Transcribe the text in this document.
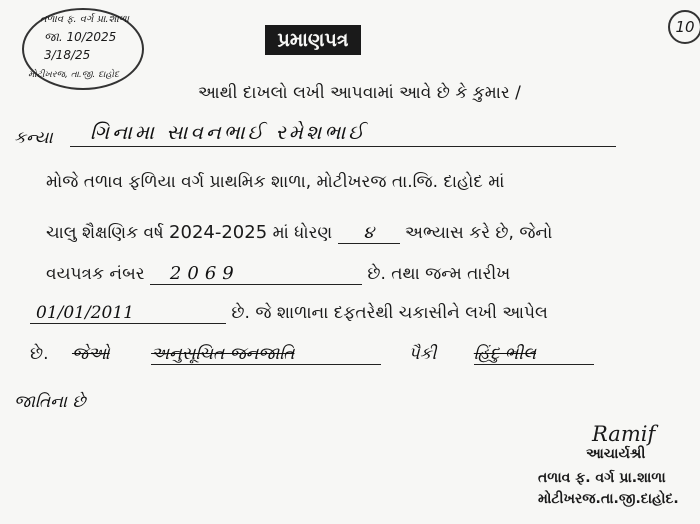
10
તળાવ ફ. વર્ગ પ્રા.શાળા
જા. 10/2025
3/18/25
મોટીખરજ, તા.જી. દાહોદ
પ્રમાણપત્ર
આથી દાખલો લખી આપવામાં આવે છે કે કુમાર /
કન્યા ગિનામા સાવનભાઈ રમેશભાઈ
મોજે તળાવ ફળિયા વર્ગ પ્રાથમિક શાળા, મોટીખરજ તા.જિ. દાહોદ માં
ચાલુ શૈક્ષણિક વર્ષ 2024-2025 માં ધોરણ ૪ અભ્યાસ કરે છે, જેનો
વયપત્રક નંબર 2069	છે. તથા જન્મ તારીખ
01/01/2011	છે. જે શાળાના દફતરેથી ચકાસીને લખી આપેલ
છે. જેઓ અનુસૂચિત જનજાતિ	પૈકી હિંદુ ભીલ
જાતિના છે
Ramif
આચાર્યશ્રી
તળાવ ફ. વર્ગ પ્રા.શાળા
મોટીખરજ.તા.જી.દાહોદ.
